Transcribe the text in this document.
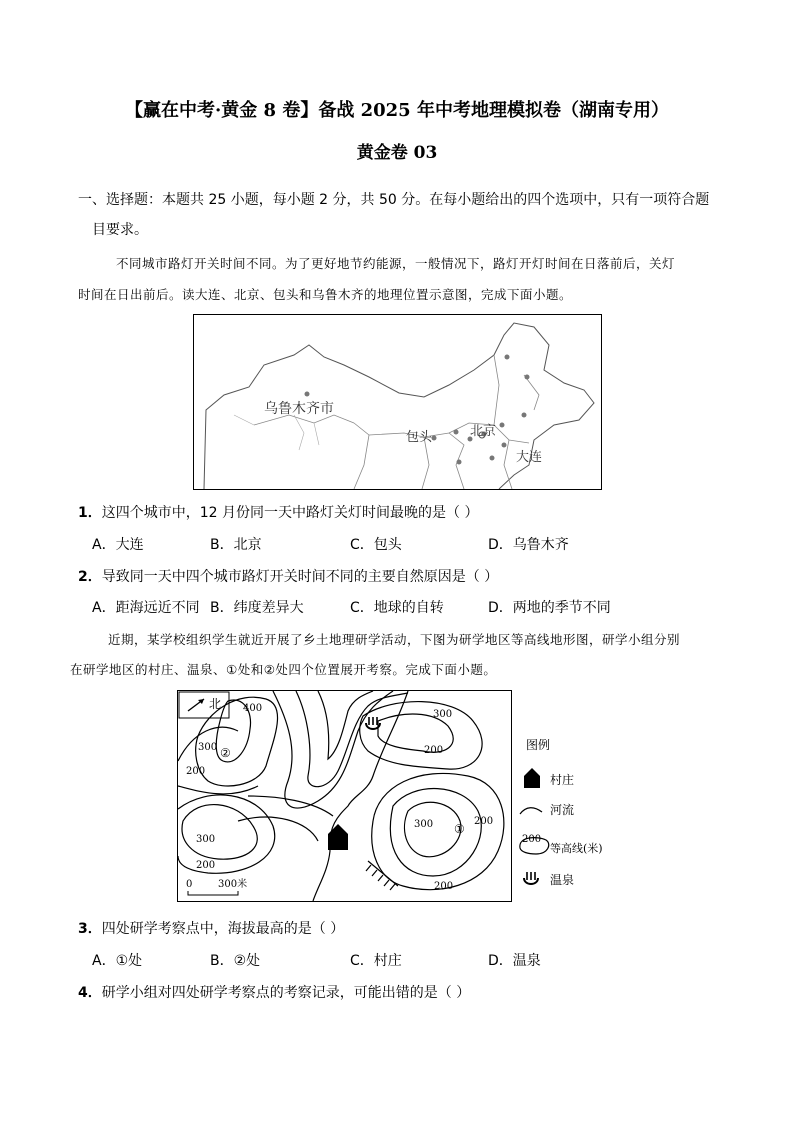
【赢在中考·黄金 8 卷】备战 2025 年中考地理模拟卷（湖南专用）
黄金卷 03
一、选择题：本题共 25 小题，每小题 2 分，共 50 分。在每小题给出的四个选项中，只有一项符合题
目要求。
不同城市路灯开关时间不同。为了更好地节约能源，一般情况下，路灯开灯时间在日落前后，关灯
时间在日出前后。读大连、北京、包头和乌鲁木齐的地理位置示意图，完成下面小题。
乌鲁木齐市
包头	北京
大连
1．这四个城市中，12 月份同一天中路灯关灯时间最晚的是（ ）
A．大连	B．北京	C．包头	D．乌鲁木齐
2．导致同一天中四个城市路灯开关时间不同的主要自然原因是（ ）
A．距海远近不同 B．纬度差异大	C．地球的自转	D．两地的季节不同
近期，某学校组织学生就近开展了乡土地理研学活动，下图为研学地区等高线地形图，研学小组分别
在研学地区的村庄、温泉、①处和②处四个位置展开考察。完成下面小题。
北 400
300
200
300
200
300
200
300
200
200
②
①
0	300米
图例
村庄
河流
200
等高线(米)
温泉
3．四处研学考察点中，海拔最高的是（ ）
A．①处	B．②处	C．村庄	D．温泉
4．研学小组对四处研学考察点的考察记录，可能出错的是（ ）
